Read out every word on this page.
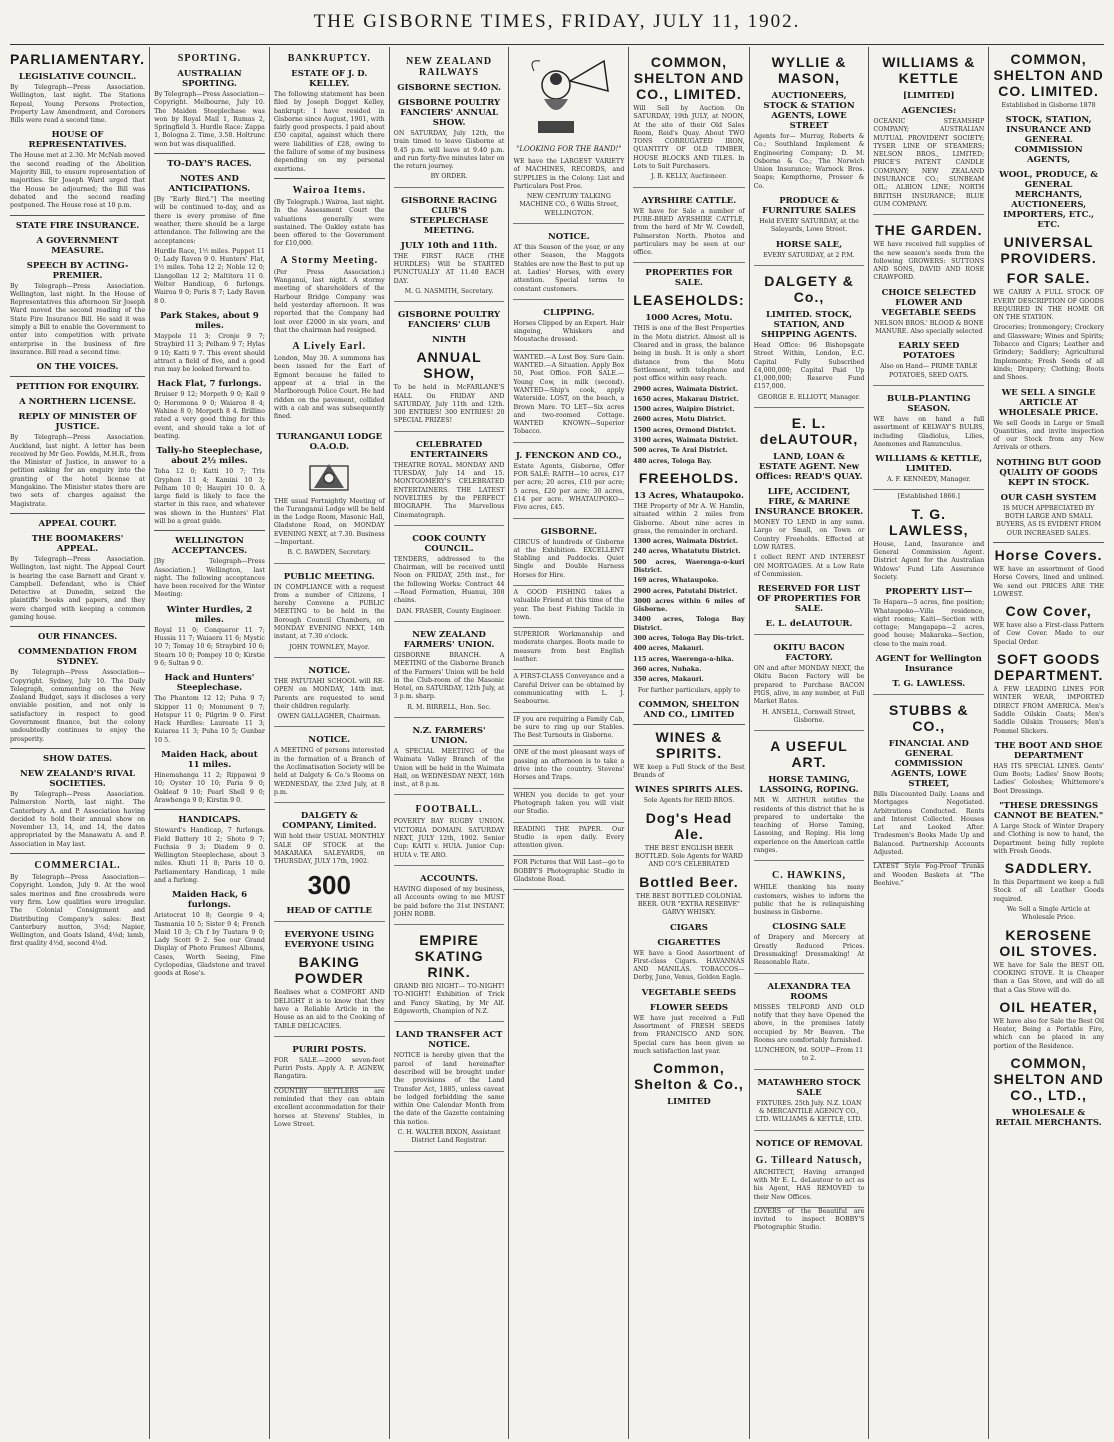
THE GISBORNE TIMES, FRIDAY, JULY 11, 1902.
PARLIAMENTARY.
LEGISLATIVE COUNCIL.

By Telegraph—Press Association. Wellington, last night. The Stations Repeal, Young Persons Protection, Property Law Amendment, and Coroners Bills were read a second time.

HOUSE OF REPRESENTATIVES.

The House met at 2.30. Mr McNab moved the second reading of the Abolition Majority Bill, to ensure representation of majorities. Sir Joseph Ward urged that the House be adjourned; the Bill was debated and the second reading postponed. The House rose at 10 p.m.

STATE FIRE INSURANCE.
A GOVERNMENT MEASURE.
SPEECH BY ACTING-PREMIER.

By Telegraph—Press Association. Wellington, last night. In the House of Representatives this afternoon Sir Joseph Ward moved the second reading of the State Fire Insurance Bill. He said it was simply a Bill to enable the Government to enter into competition with private enterprise in the business of fire insurance. Bill read a second time.

ON THE VOICES.
PETITION FOR ENQUIRY.
A NORTHERN LICENSE.
REPLY OF MINISTER OF JUSTICE.

By Telegraph—Press Association. Auckland, last night. A letter has been received by Mr Geo. Fowlds, M.H.R., from the Minister of Justice, in answer to a petition asking for an enquiry into the granting of the hotel license at Mangakino. The Minister states there are two sets of charges against the Magistrate.

APPEAL COURT.
THE BOOMAKERS' APPEAL.

By Telegraph—Press Association. Wellington, last night. The Appeal Court is hearing the case Barnett and Grant v. Campbell. Defendant, who is Chief Detective at Dunedin, seized the plaintiffs' books and papers, and they were charged with keeping a common gaming house.

OUR FINANCES.
COMMENDATION FROM SYDNEY.

By Telegraph—Press Association—Copyright. Sydney, July 10. The Daily Telegraph, commenting on the New Zealand Budget, says it discloses a very enviable position, and not only is satisfactory in respect to good Government finance, but the colony undoubtedly continues to enjoy the prosperity.

SHOW DATES.
NEW ZEALAND'S RIVAL SOCIETIES.

By Telegraph—Press Association. Palmerston North, last night. The Canterbury A. and P. Association having decided to hold their annual show on November 13, 14, and 14, the dates appropriated by the Manawatu A. and P. Association in May last.

COMMERCIAL.

By Telegraph—Press Association—Copyright. London, July 9. At the wool sales merinos and fine crossbreds were very firm. Low qualities were irregular. The Colonial Consignment and Distributing Company's sales: Best Canterbury mutton, 3½d; Napier, Wellington, and Goats Island, 4⅛d; lamb, first quality 4½d, second 4¼d.

SPORTING.
AUSTRALIAN SPORTING.

By Telegraph—Press Association—Copyright. Melbourne, July 10. The Maiden Steeplechase was won by Royal Mail 1, Rumas 2, Springfield 3. Hurdle Race: Zappa 1, Bologna 2. Time, 3.58. Holtrunc won but was disqualified.

TO-DAY'S RACES.
NOTES AND ANTICIPATIONS.

[By "Early Bird."] The meeting will be continued to-day, and as there is every promise of fine weather, there should be a large attendance. The following are the acceptances:

Hurdle Race, 1½ miles. Puppet 11 0; Lady Raven 9 0. Hunters' Flat, 1½ miles. Toha 12 2; Noble 12 0; Llangollan 12 2; Maltitora 11 0. Welter Handicap, 6 furlongs. Wairoa 9 0; Paris 8 7; Lady Raven 8 0.

Park Stakes, about 9 miles.

Maypole 11 3; Cronje 9 7; Straybird 11 3; Pelham 9 7; Hylas 9 10; Katti 9 7. This event should attract a field of five, and a good run may be looked forward to.

Hack Flat, 7 furlongs.

Bruiser 9 12; Morpeth 9 0; Kail 9 0; Horomona 9 0; Waiaroa 8 4; Wahine 8 0; Morpeth 8 4. Brillino rated a very good thing for this event, and should take a lot of beating.

Tally-ho Steeplechase, about 2½ miles.

Toha 12 0; Katti 10 7; Tris Gryphon 11 4; Kamini 10 3; Pelham 10 0; Haupiri 10 0. A large field is likely to face the starter in this race, and whatever was shown in the Hunters' Flat will be a great guide.

WELLINGTON ACCEPTANCES.

[By Telegraph—Press Association.] Wellington, last night. The following acceptances have been received for the Winter Meeting:

Winter Hurdles, 2 miles.

Royal 11 0; Conqueror 11 7; Hussia 11 7; Waiaera 11 6; Mystic 10 7; Tomay 10 6; Straybird 10 6; Stearn 10 0; Pompey 10 0; Kirstie 9 6; Sultan 9 0.

Hack and Hunters' Steeplechase.

The Phantom 12 12; Puha 9 7; Skipper 11 0; Monument 9 7; Hotspur 11 0; Pilgrim 9 0. First Hack Hurdles: Laureate 11 3; Kuiarea 11 3; Puha 10 5; Gunbar 10 5.

Maiden Hack, about 11 miles.

Hinemahanga 11 2; Rippawai 9 10; Oyster 10 10; Paria 9 0; Oakleaf 9 10; Pearl Shell 9 0; Arawhenga 9 0; Kirstin 9 0.

HANDICAPS.

Steward's Handicap, 7 furlongs. Field Battery 10 2; Shoto 9 7; Fuchsia 9 3; Diadem 9 0. Wellington Steeplechase, about 3 miles. Khuti 11 8; Paris 10 0. Parliamentary Handicap, 1 mile and a furlong.

Maiden Hack, 6 furlongs.

Aristocrat 10 8; Georgie 9 4; Tasmania 10 5; Sister 9 4; French Maid 10 3; Ch f by Tuatara 9 0; Lady Scott 9 2. See our Grand Display of Photo Frames! Albums, Cases, Worth Seeing, Fine Cyclopedias, Gladstone and travel goods at Rose's.

BANKRUPTCY.
ESTATE OF J. D. KELLEY.

The following statement has been filed by Joseph Dogget Kelley, bankrupt: I have resided in Gisborne since August, 1901, with fairly good prospects. I paid about £50 capital, against which there were liabilities of £28, owing to the failure of some of my business depending on my personal exertions.

Wairoa Items.

(By Telegraph.) Wairoa, last night. In the Assessment Court the valuations generally were sustained. The Oakley estate has been offered to the Government for £10,000.

A Stormy Meeting.

(Per Press Association.) Wanganui, last night. A stormy meeting of shareholders of the Harbour Bridge Company was held yesterday afternoon. It was reported that the Company had lost over £2000 in six years, and that the chairman had resigned.

A Lively Earl.

London, May 30. A summons has been issued for the Earl of Egmont because he failed to appear at a trial in the Marlborough Police Court. He had ridden on the pavement, collided with a cab and was subsequently fined.

TURANGANUI LODGE O.A.O.D.

THE usual Fortnightly Meeting of the Turanganui Lodge will be held in the Lodge Room, Masonic Hall, Gladstone Road, on MONDAY EVENING NEXT, at 7.30. Business—Important.

B. C. BAWDEN, Secretary.

PUBLIC MEETING.

IN COMPLIANCE with a request from a number of Citizens, I hereby Convene a PUBLIC MEETING to be held in the Borough Council Chambers, on MONDAY EVENING NEXT, 14th instant, at 7.30 o'clock.

JOHN TOWNLEY, Mayor.

NOTICE.

THE PATUTAHI SCHOOL will RE-OPEN on MONDAY, 14th inst. Parents are requested to send their children regularly.

OWEN GALLAGHER, Chairman.

NOTICE.

A MEETING of persons interested in the formation of a Branch of the Acclimatisation Society will be held at Dalgety & Co.'s Rooms on WEDNESDAY, the 23rd July, at 8 p.m.

DALGETY & COMPANY, Limited.

Will hold their USUAL MONTHLY SALE OF STOCK at the MAKARAKA SALEYARDS, on THURSDAY, JULY 17th, 1902.

300
HEAD OF CATTLE
EVERYONE USING EVERYONE USING
BAKING POWDER

Realises what a COMFORT AND DELIGHT it is to know that they have a Reliable Article in the House as an aid to the Cooking of TABLE DELICACIES.

PURIRI POSTS.

FOR SALE.—2000 seven-feet Puriri Posts. Apply A. P. AGNEW, Rangatira.

COUNTRY SETTLERS are reminded that they can obtain excellent accommodation for their horses at Stevens' Stables, in Lowe Street.

NEW ZEALAND RAILWAYS
GISBORNE SECTION.
GISBORNE POULTRY FANCIERS' ANNUAL SHOW.

ON SATURDAY, July 12th, the train timed to leave Gisborne at 9.45 p.m. will leave at 9.40 p.m. and run forty-five minutes later on the return journey.

BY ORDER.

GISBORNE RACING CLUB'S STEEPLECHASE MEETING.
JULY 10th and 11th.

THE FIRST RACE (THE HURDLES) Will be STARTED PUNCTUALLY AT 11.40 EACH DAY.

M. G. NASMITH, Secretary.

GISBORNE POULTRY FANCIERS' CLUB
NINTH
ANNUAL SHOW,

To be held in McFARLANE'S HALL On FRIDAY AND SATURDAY, July 11th and 12th. 300 ENTRIES! 300 ENTRIES! 20 SPECIAL PRIZES!

CELEBRATED ENTERTAINERS

THEATRE ROYAL. MONDAY AND TUESDAY, July 14 and 15. MONTGOMERY'S CELEBRATED ENTERTAINERS. THE LATEST NOVELTIES by the PERFECT BIOGRAPH. The Marvellous Cinematograph.

COOK COUNTY COUNCIL.

TENDERS, addressed to the Chairman, will be received until Noon on FRIDAY, 25th inst., for the following Works: Contract 44—Road Formation, Huanui, 308 chains.

DAN. FRASER, County Engineer.

NEW ZEALAND FARMERS' UNION.

GISBORNE BRANCH. A MEETING of the Gisborne Branch of the Farmers' Union will be held in the Club-room of the Masonic Hotel, on SATURDAY, 12th July, at 3 p.m. sharp.

R. M. BIRRELL, Hon. Sec.

N.Z. FARMERS' UNION.

A SPECIAL MEETING of the Waimata Valley Branch of the Union will be held in the Waimata Hall, on WEDNESDAY NEXT, 16th inst., at 8 p.m.

FOOTBALL.

POVERTY BAY RUGBY UNION. VICTORIA DOMAIN. SATURDAY NEXT, JULY 12th, 1902. Senior Cup: KAITI v. HUIA. Junior Cup: HUIA v. TE ARO.

ACCOUNTS.

HAVING disposed of my business, all Accounts owing to me MUST be paid before the 31st INSTANT. JOHN ROBB.

EMPIRE SKATING RINK.

GRAND BIG NIGHT— TO-NIGHT! TO-NIGHT! Exhibition of Trick and Fancy Skating, by Mr Alf. Edgeworth, Champion of N.Z.

LAND TRANSFER ACT NOTICE.

NOTICE is hereby given that the parcel of land hereinafter described will be brought under the provisions of the Land Transfer Act, 1885, unless caveat be lodged forbidding the same within One Calendar Month from the date of the Gazette containing this notice.

C. H. WALTER BIXON, Assistant District Land Registrar.

"LOOKING FOR THE BAND!"

WE have the LARGEST VARIETY of MACHINES, RECORDS, and SUPPLIES in the Colony. List and Particulars Post Free.

NEW CENTURY TALKING MACHINE CO., 6 Willis Street, WELLINGTON.

NOTICE.

AT this Season of the year, or any other Season, the Maggots Stables are now the Best to put up at. Ladies' Horses, with every attention. Special terms to constant customers.

CLIPPING.

Horses Clipped by an Expert. Hair singeing, Whiskers and Moustache dressed.

WANTED.—A Lost Boy. Sure Gain. WANTED.—A Situation. Apply Box 50, Post Office. FOR SALE.—Young Cow, in milk (second). WANTED—Ship's cook, apply Waterside. LOST, on the beach, a Brown Mare. TO LET—Six acres and two-roomed Cottage. WANTED KNOWN—Superior Tobacco.

J. FENCKON AND CO.,

Estate Agents, Gisborne, Offer FOR SALE: RAITH—10 acres, £17 per acre; 20 acres, £10 per acre; 5 acres, £20 per acre; 30 acres, £14 per acre. WHATAUPOKO—Five acres, £45.

GISBORNE.

CIRCUS of hundreds of Gisborne at the Exhibition. EXCELLENT Stabling and Paddocks. Quiet Single and Double Harness Horses for Hire.

A GOOD FISHING takes a valuable Friend at this time of the year. The best Fishing Tackle in town.

SUPERIOR Workmanship and moderate charges. Boots made to measure from best English leather.

A FIRST-CLASS Conveyance and a Careful Driver can be obtained by communicating with L. J. Seabourne.

IF you are requiring a Family Cab, be sure to ring up our Stables. The Best Turnouts in Gisborne.

ONE of the most pleasant ways of passing an afternoon is to take a drive into the country. Stevens' Horses and Traps.

WHEN you decide to get your Photograph taken you will visit our Studio.

READING THE PAPER. Our Studio is open daily. Every attention given.

FOR Pictures that Will Last—go to BOBBY'S Photographic Studio in Gladstone Road.

COMMON, SHELTON AND CO., LIMITED.

Will Sell by Auction On SATURDAY, 19th JULY, at NOON, At the site of their Old Sales Room, Reid's Quay. About TWO TONS CORRUGATED IRON, QUANTITY OF OLD TIMBER, HOUSE BLOCKS AND TILES. In Lots to Suit Purchasers.

J. B. KELLY, Auctioneer.

AYRSHIRE CATTLE.

WE have for Sale a number of PURE-BRED AYRSHIRE CATTLE, from the herd of Mr W. Cowdell, Palmerston North. Photos and particulars may be seen at our office.

PROPERTIES FOR SALE.
LEASEHOLDS:
1000 Acres, Motu.

THIS is one of the Best Properties in the Motu district. Almost all is Cleared and in grass, the balance being in bush. It is only a short distance from the Motu Settlement, with telephone and post office within easy reach.

2900 acres, Waimata District.

1650 acres, Makarau District.

1500 acres, Waipiro District.

2600 acres, Motu District.

1500 acres, Ormond District.

3100 acres, Waimata District.

500 acres, Te Arai District.

480 acres, Tologa Bay.

FREEHOLDS.
13 Acres, Whataupoko.

THE Property of Mr A. W. Hamlin, situated within 2 miles from Gisborne. About nine acres in grass, the remainder in orchard.

1300 acres, Waimata District.

240 acres, Whatatutu District.

500 acres, Waerenga-o-kuri District.

169 acres, Whataupoko.

2900 acres, Patutahi District.

3000 acres within 6 miles of Gisborne.

3400 acres, Tologa Bay District.

300 acres, Tologa Bay Dis-trict.

400 acres, Makauri.

115 acres, Waerenga-a-hika.

360 acres, Nuhaka.

350 acres, Makauri.

For further particulars, apply to

COMMON, SHELTON AND CO., LIMITED
WINES & SPIRITS.

WE keep a Full Stock of the Best Brands of

WINES SPIRITS ALES.

Sole Agents for REID BROS.

Dog's Head Ale.

THE BEST ENGLISH BEER BOTTLED. Sole Agents for WARD AND CO'S CELEBRATED

Bottled Beer.

THE BEST BOTTLED COLONIAL BEER. OUR "EXTRA RESERVE" GARVY WHISKY.

CIGARS
CIGARETTES

WE have a Good Assortment of First-class Cigars. HAVANNAS AND MANILAS. TOBACCOS—Derby, Juno, Venus, Golden Eagle.

VEGETABLE SEEDS
FLOWER SEEDS

WE have just received a Full Assortment of FRESH SEEDS from FRANCISCO AND SON. Special care has been given so much satisfaction last year.

Common, Shelton & Co.,
LIMITED
WYLLIE & MASON,
AUCTIONEERS, STOCK & STATION AGENTS, LOWE STREET

Agents for— Murray, Roberts & Co.; Southland Implement & Engineering Company; D. M. Osborne & Co.; The Norwich Union Insurance; Warnock Bros. Soaps; Kempthorne, Prosser & Co.

PRODUCE & FURNITURE SALES

Held EVERY SATURDAY, at the Saleyards, Lowe Street.

HORSE SALE,

EVERY SATURDAY, at 2 P.M.

DALGETY & Co.,
LIMITED. STOCK, STATION, AND SHIPPING AGENTS.

Head Office: 96 Bishopsgate Street Within, London, E.C. Capital Fully Subscribed £4,000,000; Capital Paid Up £1,000,000; Reserve Fund £157,000.

GEORGE E. ELLIOTT, Manager.

E. L. deLAUTOUR,
LAND, LOAN & ESTATE AGENT. New Offices: READ'S QUAY.
LIFE, ACCIDENT, FIRE, & MARINE INSURANCE BROKER.

MONEY TO LEND in any sums. Large or Small, on Town or Country Freeholds. Effected at LOW RATES.

I collect RENT AND INTEREST ON MORTGAGES. At a Low Rate of Commission.

RESERVED FOR LIST OF PROPERTIES FOR SALE.
E. L. deLAUTOUR.
OKITU BACON FACTORY.

ON and after MONDAY NEXT, the Okitu Bacon Factory will be prepared to Purchase BACON PIGS, alive, in any number, at Full Market Rates.

H. ANSELL, Cornwall Street, Gisborne.

A USEFUL ART.
HORSE TAMING, LASSOING, ROPING.

MR W. ARTHUR notifies the residents of this district that he is prepared to undertake the teaching of Horse Taming, Lassoing, and Roping. His long experience on the American cattle ranges.

C. HAWKINS,

WHILE thanking his many customers, wishes to inform the public that he is relinquishing business in Gisborne.

CLOSING SALE

of Drapery and Mercery at Greatly Reduced Prices. Dressmaking! Dressmaking! At Reasonable Rate.

ALEXANDRA TEA ROOMS

MISSES TELFORD AND OLD notify that they have Opened the above, in the premises lately occupied by Mr Beaven. The Rooms are comfortably furnished.

LUNCHEON, 9d. SOUP—From 11 to 2.

MATAWHERO STOCK SALE

FIXTURES. 25th July. N.Z. LOAN & MERCANTILE AGENCY CO., LTD. WILLIAMS & KETTLE, LTD.

NOTICE OF REMOVAL
G. Tilleard Natusch,

ARCHITECT, Having arranged with Mr E. L. deLautour to act as his Agent, HAS REMOVED to their New Offices.

LOVERS of the Beautiful are invited to inspect BOBBY'S Photographic Studio.

WILLIAMS & KETTLE
[LIMITED]
AGENCIES:

OCEANIC STEAMSHIP COMPANY; AUSTRALIAN MUTUAL PROVIDENT SOCIETY; TYSER LINE OF STEAMERS; NELSON BROS., LIMITED; PRICE'S PATENT CANDLE COMPANY; NEW ZEALAND INSURANCE CO.; SUNBEAM OIL; ALBION LINE; NORTH BRITISH INSURANCE; BLUE GUM COMPANY.

THE GARDEN.

WE have received full supplies of the new season's seeds from the following GROWERS: SUTTONS AND SONS, DAVID AND ROSE CRAWFORD.

CHOICE SELECTED FLOWER AND VEGETABLE SEEDS

NELSON BROS.' BLOOD & BONE MANURE. Also specially selected

EARLY SEED POTATOES

Also on Hand— PRIME TABLE POTATOES, SEED OATS.

BULB-PLANTING SEASON.

WE have on hand a full assortment of KELWAY'S BULBS, including Gladiolus, Lilies, Anemones and Ranunculus.

WILLIAMS & KETTLE, LIMITED.

A. F. KENNEDY, Manager.

[Established 1866.]

T. G. LAWLESS,

House, Land, Insurance and General Commission Agent. District Agent for the Australian Widows' Fund Life Assurance Society.

PROPERTY LIST—

Te Hapara—5 acres, fine position; Whataupoko—Villa residence, eight rooms; Kaiti—Section with cottage; Mangapapa—2 acres, good house; Makaraka—Section, close to the main road.

AGENT for Wellington Insurance
T. G. LAWLESS.
STUBBS & CO.,
FINANCIAL AND GENERAL COMMISSION AGENTS, LOWE STREET,

Bills Discounted Daily. Loans and Mortgages Negotiated. Arbitrations Conducted. Rents and Interest Collected. Houses Let and Looked After. Tradesmen's Books Made Up and Balanced. Partnership Accounts Adjusted.

LATEST Style Fog-Proof Trunks and Wooden Baskets at "The Beehive."

COMMON, SHELTON AND CO. LIMITED.

Established in Gisborne 1878

STOCK, STATION, INSURANCE AND GENERAL COMMISSION AGENTS,
WOOL, PRODUCE, & GENERAL MERCHANTS, AUCTIONEERS, IMPORTERS, ETC., ETC.
UNIVERSAL PROVIDERS.
FOR SALE.

WE CARRY A FULL STOCK OF EVERY DESCRIPTION OF GOODS REQUIRED IN THE HOME OR ON THE STATION.

Groceries; Ironmongery; Crockery and Glassware; Wines and Spirits; Tobacco and Cigars; Leather and Grindery; Saddlery; Agricultural Implements; Fresh Seeds of all kinds; Drapery; Clothing; Boots and Shoes.

WE SELL A SINGLE ARTICLE AT WHOLESALE PRICE.

We sell Goods in Large or Small Quantities, and invite inspection of our Stock from any New Arrivals or others.

NOTHING BUT GOOD QUALITY OF GOODS KEPT IN STOCK.
OUR CASH SYSTEM

IS MUCH APPRECIATED BY BOTH LARGE AND SMALL BUYERS, AS IS EVIDENT FROM OUR INCREASED SALES.

Horse Covers.

WE have an assortment of Good Horse Covers, lined and unlined. We send out PRICES ARE THE LOWEST.

Cow Cover,

WE have also a First-class Pattern of Cow Cover. Made to our Special Order.

SOFT GOODS DEPARTMENT.

A FEW LEADING LINES FOR WINTER WEAR, IMPORTED DIRECT FROM AMERICA. Men's Saddle Oilskin Coats; Men's Saddle Oilskin Trousers; Men's Pommel Slickers.

THE BOOT AND SHOE DEPARTMENT

HAS ITS SPECIAL LINES. Gents' Gum Boots; Ladies' Snow Boots; Ladies' Goloshes; Whittemore's Boot Dressings.

"THESE DRESSINGS CANNOT BE BEATEN."

A Large Stock of Winter Drapery and Clothing is now to hand, the Department being fully replete with Fresh Goods.

SADDLERY.

In this Department we keep a full Stock of all Leather Goods required.

We Sell a Single Article at Wholesale Price.

KEROSENE OIL STOVES.

WE have for Sale the BEST OIL COOKING STOVE. It is Cheaper than a Gas Stove, and will do all that a Gas Stove will do.

OIL HEATER,

WE have also for Sale the Best Oil Heater, Being a Portable Fire, which can be placed in any portion of the Residence.

COMMON, SHELTON AND CO., LTD.,
WHOLESALE & RETAIL MERCHANTS.
